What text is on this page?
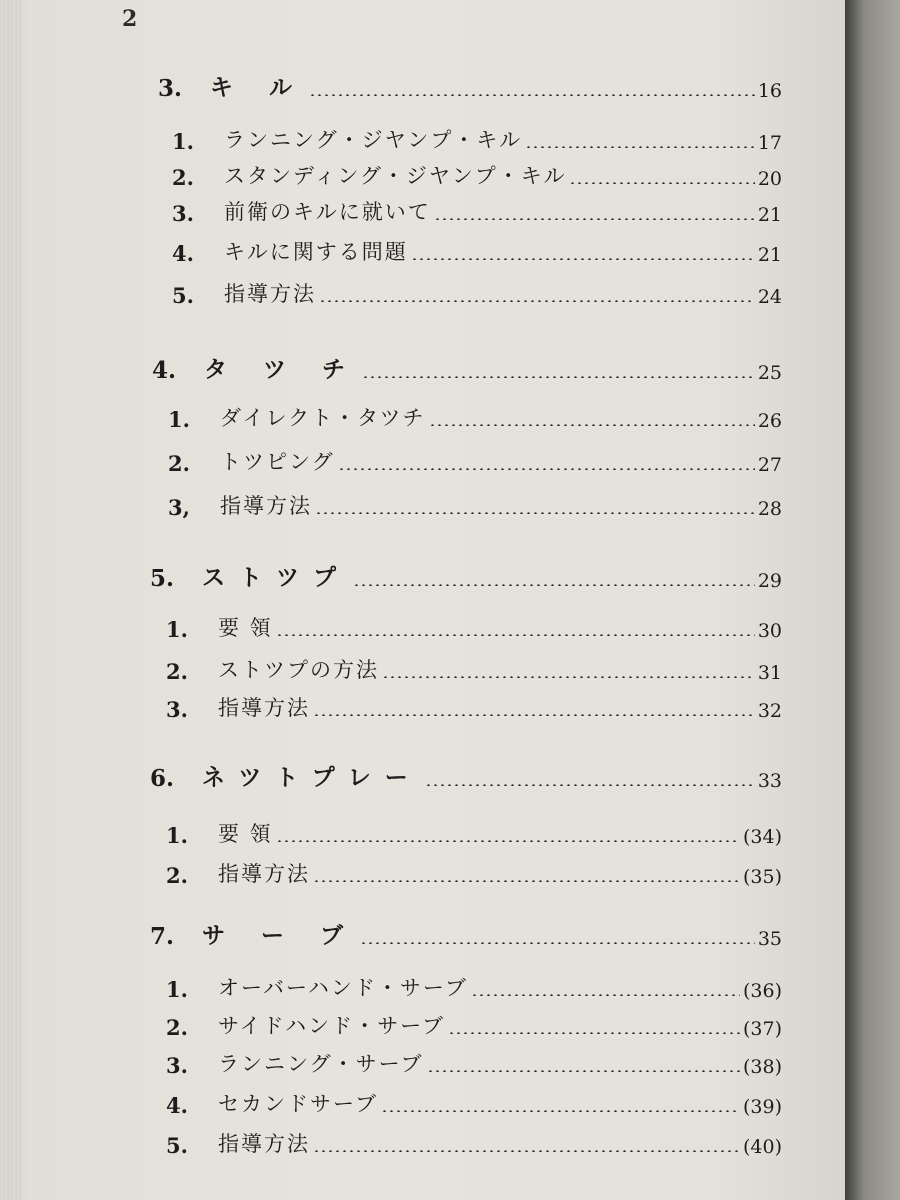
2
3.	キ ル	16
1.	ランニング・ジヤンプ・キル	17
2.	スタンディング・ジヤンプ・キル	20
3.	前衛のキルに就いて	21
4.	キルに関する問題	21
5.	指導方法	24
4.	タ ツ チ	25
1.	ダイレクト・タツチ	26
2.	トツピング	27
3,	指導方法	28
5.	ストツプ	29
1.	要 領	30
2.	ストツプの方法	31
3.	指導方法	32
6.	ネツトプレー	33
1.	要 領	(34)
2.	指導方法	(35)
7.	サ ー ブ	35
1.	オーバーハンド・サーブ	(36)
2.	サイドハンド・サーブ	(37)
3.	ランニング・サーブ	(38)
4.	セカンドサーブ	(39)
5.	指導方法	(40)
